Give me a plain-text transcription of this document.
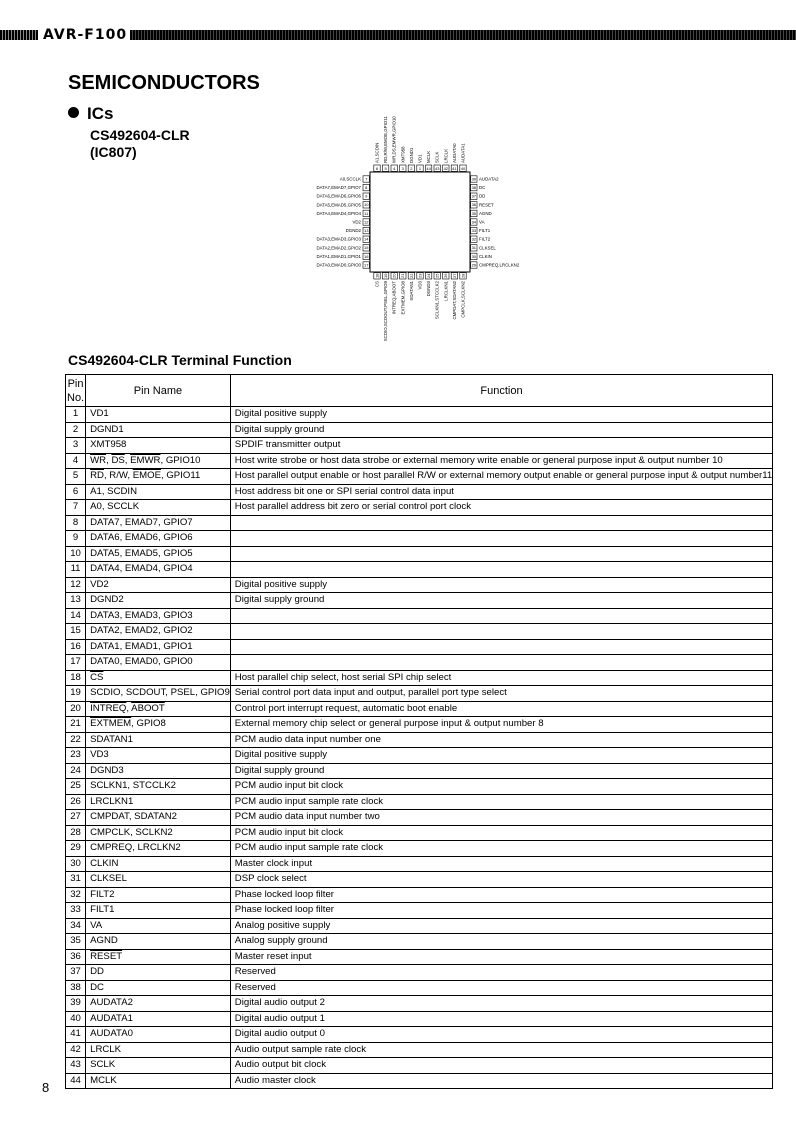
AVR-F100
SEMICONDUCTORS
ICs
CS492604-CLR
(IC807)
6
A1,SCDIN
5
RD,R/W,EMOE,GPIO11
4
WR,DS,EMWR,GPIO10
3
XMT958
2
DGND1
1
VD1
44
MCLK
43
SCLK
42
LRCLK
41
AUDATA0
40
AUDATA1
18
CS
19
SCDIO,SCDOUT,PSEL,GPIO9
20
INTREQ,ABOOT
21
EXTMEM,GPIO8
22
SDATAN1
23
VD3
24
DGND3
25
SCLKN1,STCCLK2
26
LRCLKN1
27
CMPDAT,SDATAN2
28
CMPCLK,SCLKN2
7
A0,SCCLK
8
DATA7,EMAD7,GPIO7
9
DATA6,EMAD6,GPIO6
10
DATA5,EMAD5,GPIO5
11
DATA4,EMAD4,GPIO4
12
VD2
13
DGND2
14
DATA3,EMAD3,GPIO3
15
DATA2,EMAD2,GPIO2
16
DATA1,EMAD1,GPIO1
17
DATA0,EMAD0,GPIO0
39 AUDATA2
38 DC
37 DD
36 RESET
35 AGND
34 VA
33 FILT1
32 FILT2
31 CLKSEL
30 CLKIN
29 CMPREQ,LRCLKN2
CS492604-CLR Terminal Function
Pin No.	Pin Name	Function
1	VD1	Digital positive supply
2	DGND1	Digital supply ground
3	XMT958	SPDIF transmitter output
4	$\overline{WR}$, $\overline{DS}$, EMWR, GPIO10	Host write strobe or host data strobe or external memory write enable or general purpose input & output number 10
5	$\overline{RD}$, R/W, EMOE, GPIO11	Host parallel output enable or host parallel R/W or external memory output enable or general purpose input & output number11
6	A1, SCDIN	Host address bit one or SPI serial control data input
7	A0, SCCLK	Host parallel address bit zero or serial control port clock
8	DATA7, EMAD7, GPIO7	
9	DATA6, EMAD6, GPIO6	
10	DATA5, EMAD5, GPIO5	
11	DATA4, EMAD4, GPIO4	
12	VD2	Digital positive supply
13	DGND2	Digital supply ground
14	DATA3, EMAD3, GPIO3	
15	DATA2, EMAD2, GPIO2	
16	DATA1, EMAD1, GPIO1	
17	DATA0, EMAD0, GPIO0	
18	$\overline{CS}$	Host parallel chip select, host serial SPI chip select
19	SCDIO, SCDOUT, PSEL, GPIO9	Serial control port data input and output, parallel port type select
20	INTREQ, ABOOT	Control port interrupt request, automatic boot enable
21	EXTMEM, GPIO8	External memory chip select or general purpose input & output number 8
22	SDATAN1	PCM audio data input number one
23	VD3	Digital positive supply
24	DGND3	Digital supply ground
25	SCLKN1, STCCLK2	PCM audio input bit clock
26	LRCLKN1	PCM audio input sample rate clock
27	CMPDAT, SDATAN2	PCM audio data input number two
28	CMPCLK, SCLKN2	PCM audio input bit clock
29	CMPREQ, LRCLKN2	PCM audio input sample rate clock
30	CLKIN	Master clock input
31	CLKSEL	DSP clock select
32	FILT2	Phase locked loop filter
33	FILT1	Phase locked loop filter
34	VA	Analog positive supply
35	AGND	Analog supply ground
36	RESET	Master reset input
37	DD	Reserved
38	DC	Reserved
39	AUDATA2	Digital audio output 2
40	AUDATA1	Digital audio output 1
41	AUDATA0	Digital audio output 0
42	LRCLK	Audio output sample rate clock
43	SCLK	Audio output bit clock
44	MCLK	Audio master clock
8
